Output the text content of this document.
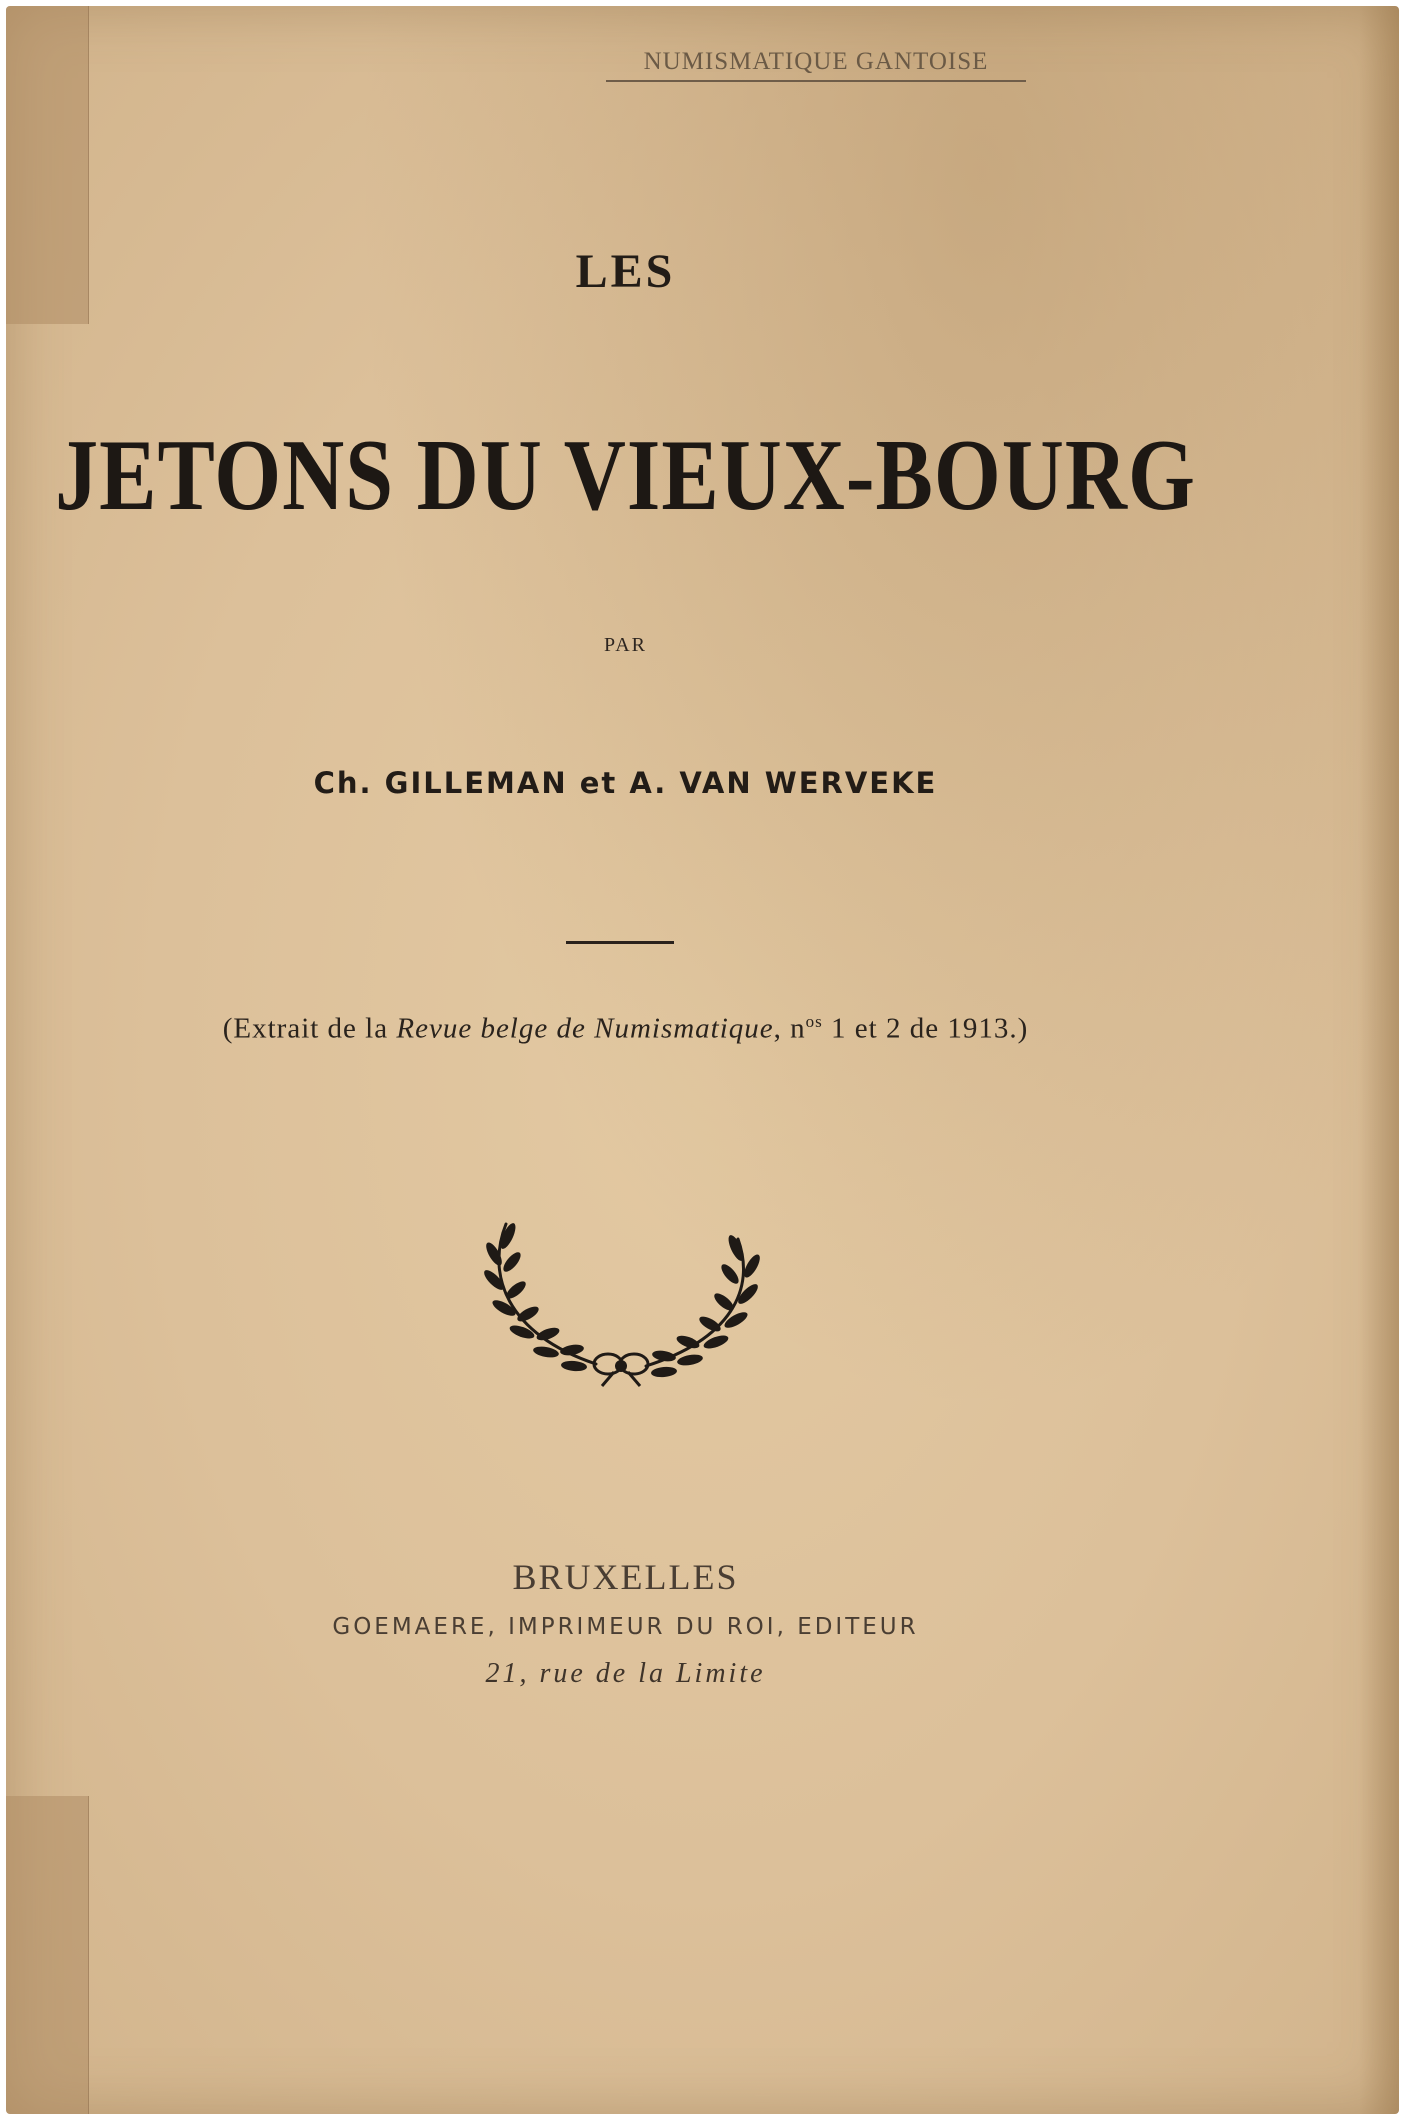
NUMISMATIQUE GANTOISE
LES
JETONS DU VIEUX-BOURG
PAR
Ch. GILLEMAN et A. VAN WERVEKE
(Extrait de la Revue belge de Numismatique, $n^{os}$ 1 et 2 de 1913.)
BRUXELLES
GOEMAERE, IMPRIMEUR DU ROI, EDITEUR
21, rue de la Limite
